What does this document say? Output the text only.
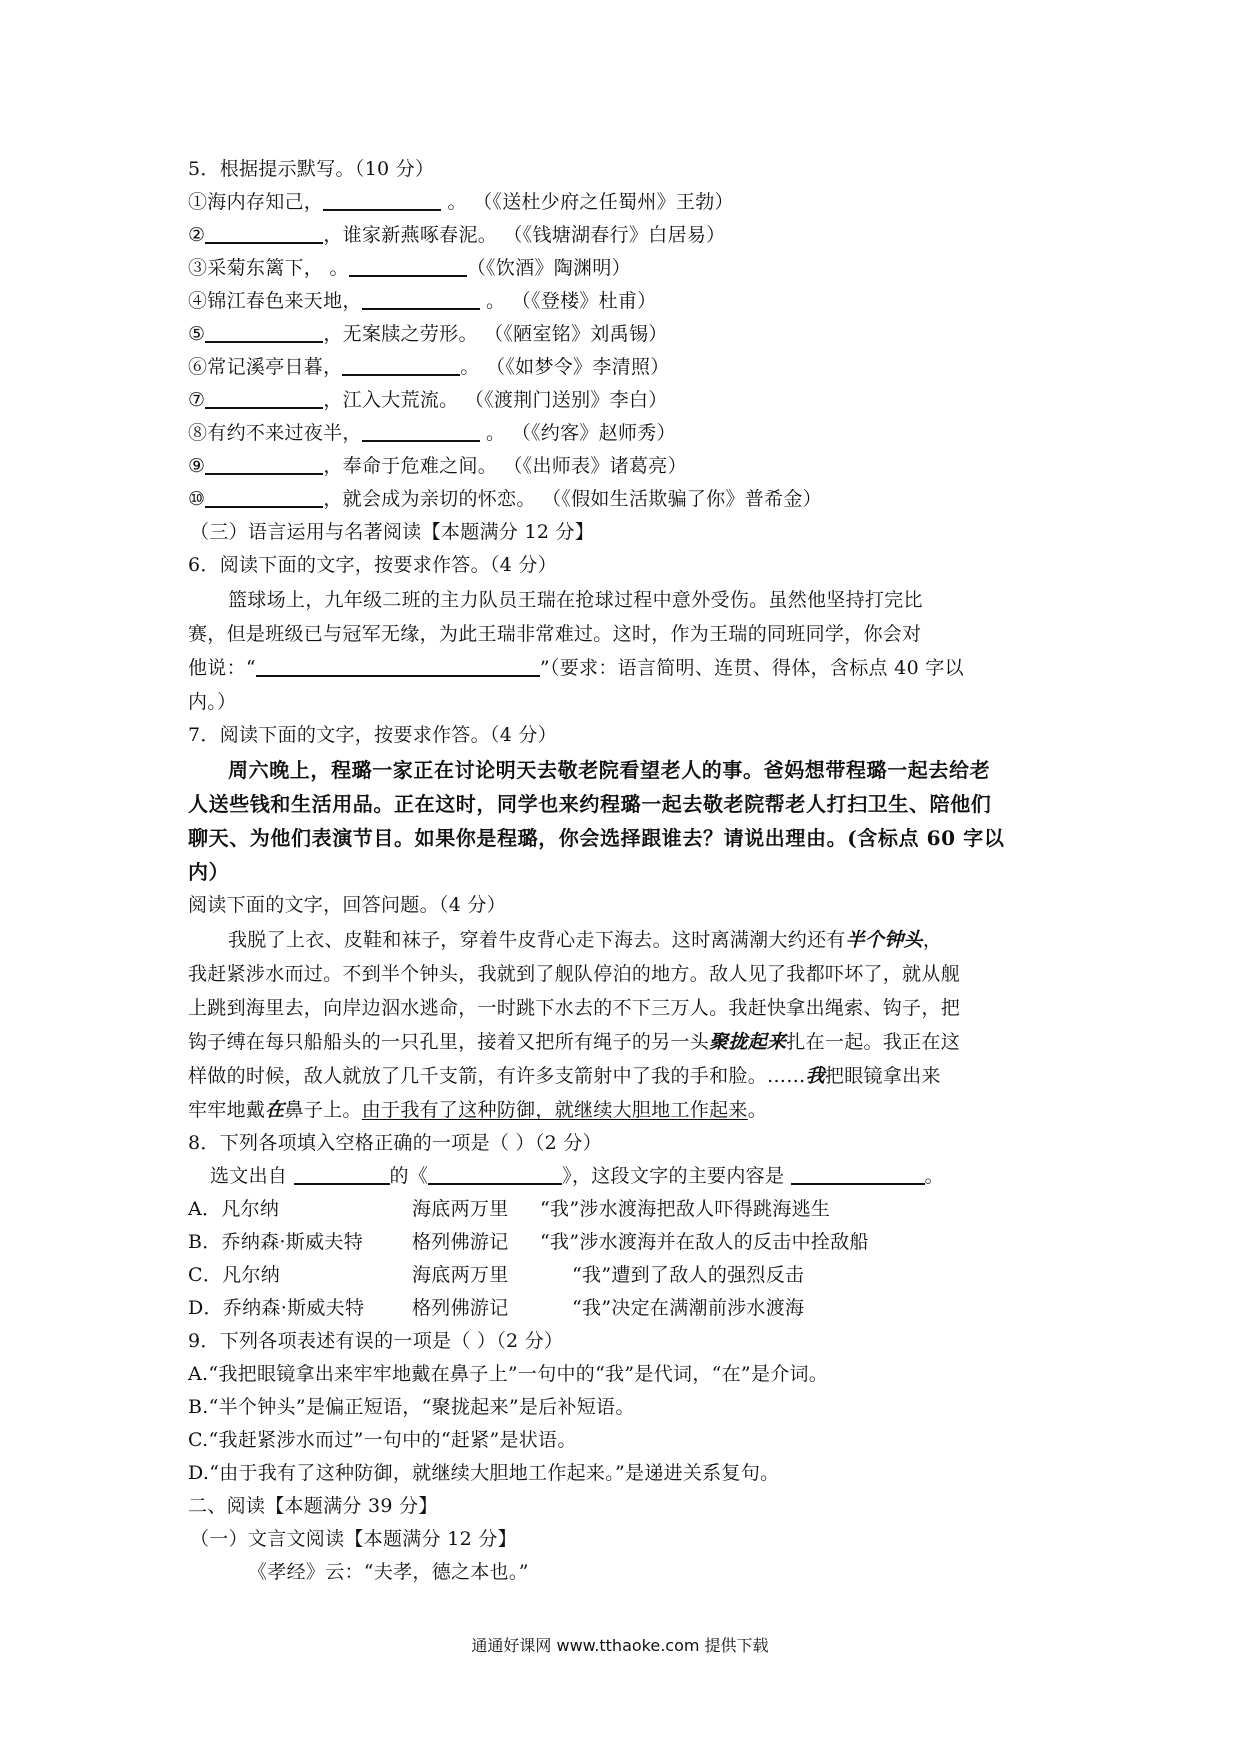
5．根据提示默写。（10 分）
①海内存知己，	。 （《送杜少府之任蜀州》王勃）
②	，谁家新燕啄春泥。 （《钱塘湖春行》白居易）
③采菊东篱下， 。	（《饮酒》陶渊明）
④锦江春色来天地，	。 （《登楼》杜甫）
⑤	，无案牍之劳形。 （《陋室铭》刘禹锡）
⑥常记溪亭日暮，	。 （《如梦令》李清照）
⑦	，江入大荒流。 （《渡荆门送别》李白）
⑧有约不来过夜半，	。 （《约客》赵师秀）
⑨	，奉命于危难之间。 （《出师表》诸葛亮）
⑩	，就会成为亲切的怀恋。 （《假如生活欺骗了你》普希金）
（三）语言运用与名著阅读【本题满分 12 分】
6．阅读下面的文字，按要求作答。（4 分）
篮球场上，九年级二班的主力队员王瑞在抢球过程中意外受伤。虽然他坚持打完比
赛，但是班级已与冠军无缘，为此王瑞非常难过。这时，作为王瑞的同班同学，你会对
他说：“	”（要求：语言简明、连贯、得体，含标点 40 字以
内。）
7．阅读下面的文字，按要求作答。（4 分）
周六晚上，程璐一家正在讨论明天去敬老院看望老人的事。爸妈想带程璐一起去给老
人送些钱和生活用品。正在这时，同学也来约程璐一起去敬老院帮老人打扫卫生、陪他们
聊天、为他们表演节目。如果你是程璐，你会选择跟谁去？请说出理由。(含标点 60 字以
内）
阅读下面的文字，回答问题。（4 分）
我脱了上衣、皮鞋和袜子，穿着牛皮背心走下海去。这时离满潮大约还有半个钟头，
我赶紧涉水而过。不到半个钟头，我就到了舰队停泊的地方。敌人见了我都吓坏了，就从舰
上跳到海里去，向岸边泅水逃命，一时跳下水去的不下三万人。我赶快拿出绳索、钩子，把
钩子缚在每只船船头的一只孔里，接着又把所有绳子的另一头聚拢起来扎在一起。我正在这
样做的时候，敌人就放了几千支箭，有许多支箭射中了我的手和脸。……我把眼镜拿出来
牢牢地戴在鼻子上。由于我有了这种防御，就继续大胆地工作起来。
8．下列各项填入空格正确的一项是（ ）（2 分）
选文出自	的《	》，这段文字的主要内容是	。
A．凡尔纳	海底两万里 “我”涉水渡海把敌人吓得跳海逃生
B．乔纳森·斯威夫特	格列佛游记 “我”涉水渡海并在敌人的反击中拴敌船
C．凡尔纳	海底两万里	“我”遭到了敌人的强烈反击
D．乔纳森·斯威夫特	格列佛游记	“我”决定在满潮前涉水渡海
9．下列各项表述有误的一项是（ ）（2 分）
A.“我把眼镜拿出来牢牢地戴在鼻子上”一句中的“我”是代词，“在”是介词。
B.“半个钟头”是偏正短语，“聚拢起来”是后补短语。
C.“我赶紧涉水而过”一句中的“赶紧”是状语。
D.“由于我有了这种防御，就继续大胆地工作起来。”是递进关系复句。
二、阅读【本题满分 39 分】
（一）文言文阅读【本题满分 12 分】
《孝经》云：“夫孝，德之本也。”
通通好课网 www.tthaoke.com 提供下载
